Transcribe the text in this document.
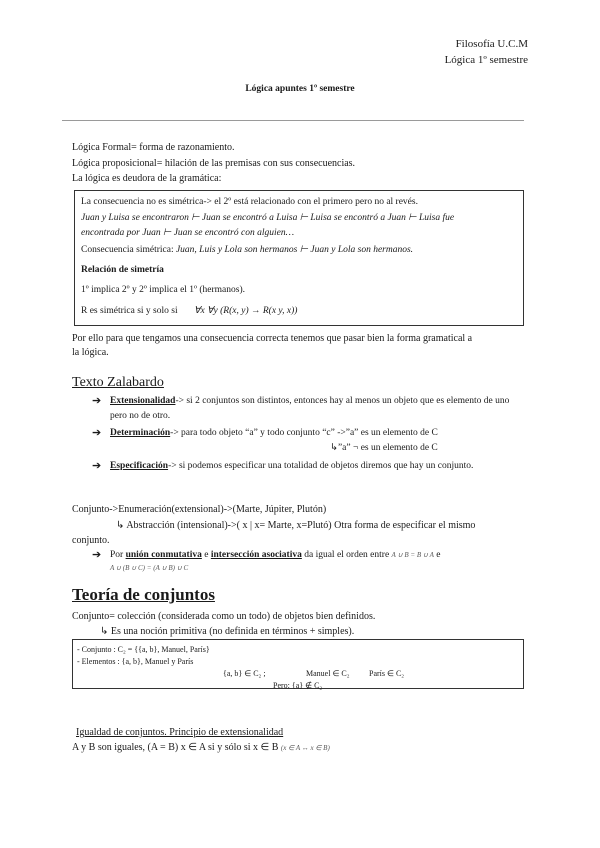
Filosofía U.C.M
Lógica 1º semestre
Lógica apuntes 1º semestre
Lógica Formal= forma de razonamiento.
Lógica proposicional= hilación de las premisas con sus consecuencias.
La lógica es deudora de la gramática:
La consecuencia no es simétrica-> el 2º está relacionado con el primero pero no al revés.
Juan y Luisa se encontraron ⊢ Juan se encontró a Luisa ⊢ Luisa se encontró a Juan ⊢ Luisa fue
encontrada por Juan ⊢ Juan se encontró con alguien…
Consecuencia simétrica: Juan, Luis y Lola son hermanos ⊢ Juan y Lola son hermanos.
Relación de simetría
1º implica 2º y 2º implica el 1º (hermanos).
R es simétrica si y solo si ∀x ∀y (R(x, y) → R(x y, x))
Por ello para que tengamos una consecuencia correcta tenemos que pasar bien la forma gramatical a
la lógica.
Texto Zalabardo
➔ Extensionalidad-> si 2 conjuntos son distintos, entonces hay al menos un objeto que es elemento de uno pero no de otro.
➔ Determinación-> para todo objeto “a” y todo conjunto “c” ->”a” es un elemento de C
↳”a” ¬ es un elemento de C
➔ Especificación-> si podemos especificar una totalidad de objetos diremos que hay un conjunto.
Conjunto->Enumeración(extensional)->(Marte, Júpiter, Plutón)
↳ Abstracción (intensional)->( x | x= Marte, x=Plutó) Otra forma de especificar el mismo
conjunto.
➔ Por unión conmutativa e intersección asociativa da igual el orden entre A ∪ B = B ∪ A e
A ∪ (B ∪ C) = (A ∪ B) ∪ C
Teoría de conjuntos
Conjunto= colección (considerada como un todo) de objetos bien definidos.
↳ Es una noción primitiva (no definida en términos + simples).
- Conjunto : C₂ = {{a, b}, Manuel, París}
- Elementos : {a, b}, Manuel y París
{a, b} ∈ C₂ ;	Manuel ∈ C₂ París ∈ C₂
Pero: {a} ∉ C₂
Igualdad de conjuntos. Principio de extensionalidad
A y B son iguales, (A = B) x ∈ A si y sólo si x ∈ B (x ∈ A ↔ x ∈ B)
